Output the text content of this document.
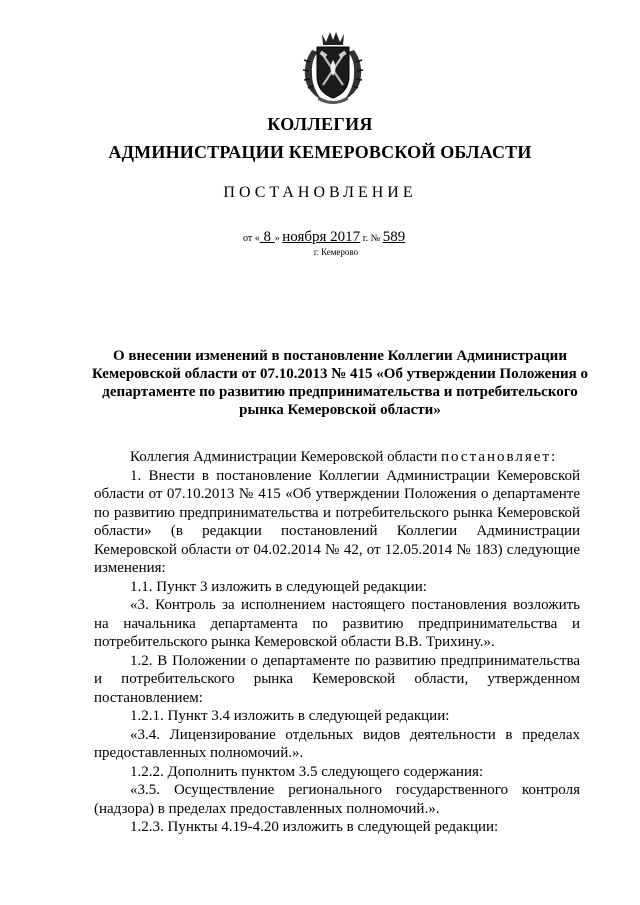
КОЛЛЕГИЯ
АДМИНИСТРАЦИИ КЕМЕРОВСКОЙ ОБЛАСТИ
ПОСТАНОВЛЕНИЕ
от « 8 » ноября 2017 г. № 589
г. Кемерово
О внесении изменений в постановление Коллегии Администрации Кемеровской области от 07.10.2013 № 415 «Об утверждении Положения о департаменте по развитию предпринимательства и потребительского рынка Кемеровской области»

Коллегия Администрации Кемеровской области постановляет:

1. Внести в постановление Коллегии Администрации Кемеровской области от 07.10.2013 № 415 «Об утверждении Положения о департаменте по развитию предпринимательства и потребительского рынка Кемеровской области» (в редакции постановлений Коллегии Администрации Кемеровской области от 04.02.2014 № 42, от 12.05.2014 № 183) следующие изменения:

1.1. Пункт 3 изложить в следующей редакции:

«3. Контроль за исполнением настоящего постановления возложить на начальника департамента по развитию предпринимательства и потребительского рынка Кемеровской области В.В. Трихину.».

1.2. В Положении о департаменте по развитию предпринимательства и потребительского рынка Кемеровской области, утвержденном постановлением:

1.2.1. Пункт 3.4 изложить в следующей редакции:

«3.4. Лицензирование отдельных видов деятельности в пределах предоставленных полномочий.».

1.2.2. Дополнить пунктом 3.5 следующего содержания:

«3.5. Осуществление регионального государственного контроля (надзора) в пределах предоставленных полномочий.».

1.2.3. Пункты 4.19-4.20 изложить в следующей редакции:
